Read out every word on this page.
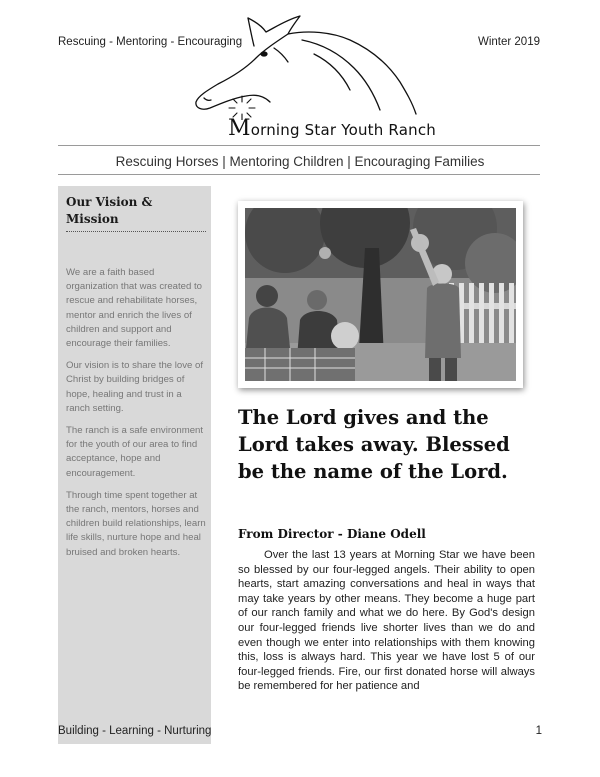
Rescuing - Mentoring - Encouraging	Winter 2019
Morning Star Youth Ranch
Rescuing Horses | Mentoring Children | Encouraging Families
Our Vision & Mission

We are a faith based organization that was created to rescue and rehabilitate horses, mentor and enrich the lives of children and support and encourage their families.

Our vision is to share the love of Christ by building bridges of hope, healing and trust in a ranch setting.

The ranch is a safe environment for the youth of our area to find acceptance, hope and encouragement.

Through time spent together at the ranch, mentors, horses and children build relationships, learn life skills, nurture hope and heal bruised and broken hearts.

The Lord gives and the Lord takes away. Blessed be the name of the Lord.
From Director - Diane Odell

Over the last 13 years at Morning Star we have been so blessed by our four-legged angels. Their ability to open hearts, start amazing conversations and heal in ways that may take years by other means. They become a huge part of our ranch family and what we do here. By God's design our four-legged friends live shorter lives than we do and even though we enter into relationships with them knowing this, loss is always hard. This year we have lost 5 of our four-legged friends. Fire, our first donated horse will always be remembered for her patience and

Building - Learning - Nurturing	1
